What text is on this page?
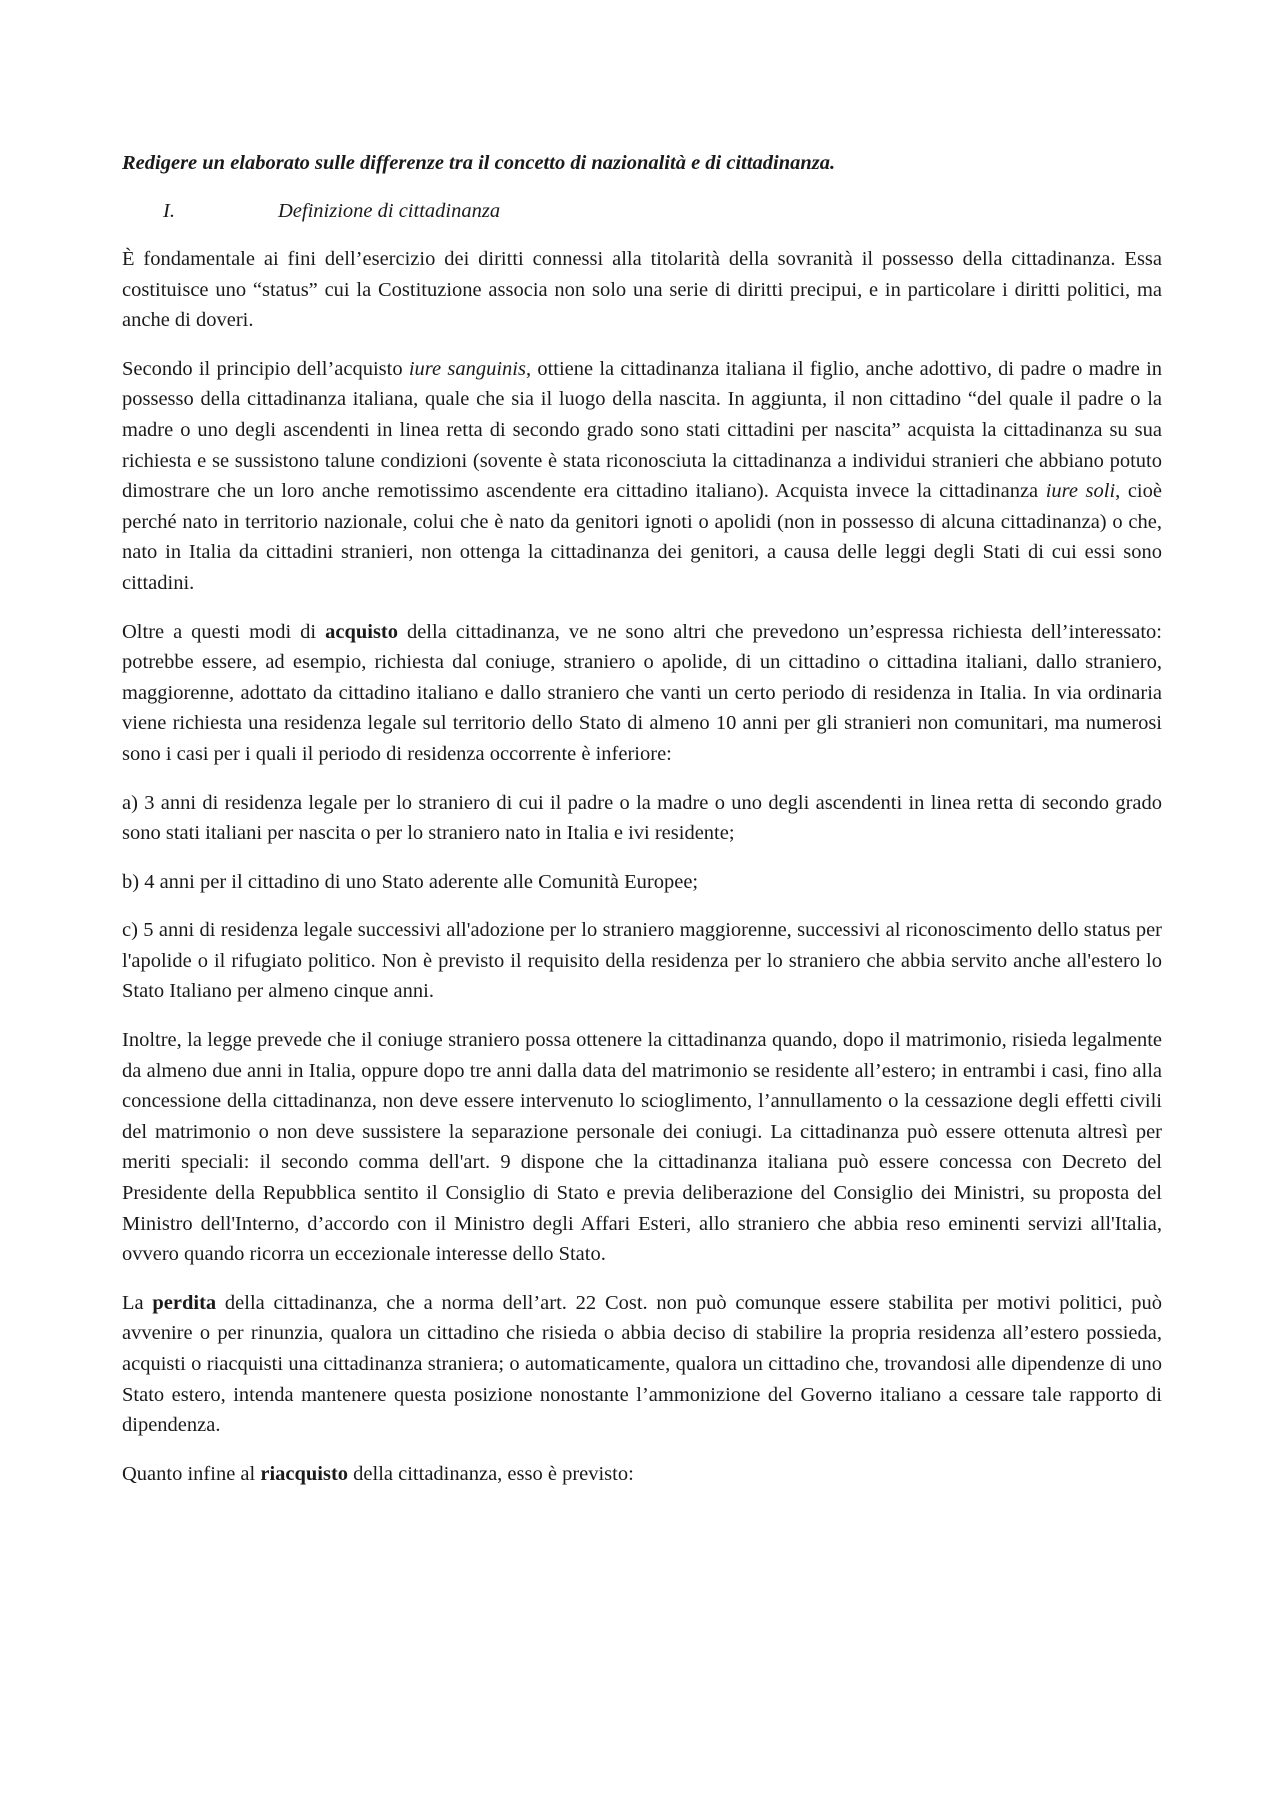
Redigere un elaborato sulle differenze tra il concetto di nazionalità e di cittadinanza.
I.	Definizione di cittadinanza

È fondamentale ai fini dell’esercizio dei diritti connessi alla titolarità della sovranità il possesso della cittadinanza. Essa costituisce uno “status” cui la Costituzione associa non solo una serie di diritti precipui, e in particolare i diritti politici, ma anche di doveri.

Secondo il principio dell’acquisto iure sanguinis, ottiene la cittadinanza italiana il figlio, anche adottivo, di padre o madre in possesso della cittadinanza italiana, quale che sia il luogo della nascita. In aggiunta, il non cittadino “del quale il padre o la madre o uno degli ascendenti in linea retta di secondo grado sono stati cittadini per nascita” acquista la cittadinanza su sua richiesta e se sussistono talune condizioni (sovente è stata riconosciuta la cittadinanza a individui stranieri che abbiano potuto dimostrare che un loro anche remotissimo ascendente era cittadino italiano). Acquista invece la cittadinanza iure soli, cioè perché nato in territorio nazionale, colui che è nato da genitori ignoti o apolidi (non in possesso di alcuna cittadinanza) o che, nato in Italia da cittadini stranieri, non ottenga la cittadinanza dei genitori, a causa delle leggi degli Stati di cui essi sono cittadini.

Oltre a questi modi di acquisto della cittadinanza, ve ne sono altri che prevedono un’espressa richiesta dell’interessato: potrebbe essere, ad esempio, richiesta dal coniuge, straniero o apolide, di un cittadino o cittadina italiani, dallo straniero, maggiorenne, adottato da cittadino italiano e dallo straniero che vanti un certo periodo di residenza in Italia. In via ordinaria viene richiesta una residenza legale sul territorio dello Stato di almeno 10 anni per gli stranieri non comunitari, ma numerosi sono i casi per i quali il periodo di residenza occorrente è inferiore:

a) 3 anni di residenza legale per lo straniero di cui il padre o la madre o uno degli ascendenti in linea retta di secondo grado sono stati italiani per nascita o per lo straniero nato in Italia e ivi residente;

b) 4 anni per il cittadino di uno Stato aderente alle Comunità Europee;

c) 5 anni di residenza legale successivi all'adozione per lo straniero maggiorenne, successivi al riconoscimento dello status per l'apolide o il rifugiato politico. Non è previsto il requisito della residenza per lo straniero che abbia servito anche all'estero lo Stato Italiano per almeno cinque anni.

Inoltre, la legge prevede che il coniuge straniero possa ottenere la cittadinanza quando, dopo il matrimonio, risieda legalmente da almeno due anni in Italia, oppure dopo tre anni dalla data del matrimonio se residente all’estero; in entrambi i casi, fino alla concessione della cittadinanza, non deve essere intervenuto lo scioglimento, l’annullamento o la cessazione degli effetti civili del matrimonio o non deve sussistere la separazione personale dei coniugi. La cittadinanza può essere ottenuta altresì per meriti speciali: il secondo comma dell'art. 9 dispone che la cittadinanza italiana può essere concessa con Decreto del Presidente della Repubblica sentito il Consiglio di Stato e previa deliberazione del Consiglio dei Ministri, su proposta del Ministro dell'Interno, d’accordo con il Ministro degli Affari Esteri, allo straniero che abbia reso eminenti servizi all'Italia, ovvero quando ricorra un eccezionale interesse dello Stato.

La perdita della cittadinanza, che a norma dell’art. 22 Cost. non può comunque essere stabilita per motivi politici, può avvenire o per rinunzia, qualora un cittadino che risieda o abbia deciso di stabilire la propria residenza all’estero possieda, acquisti o riacquisti una cittadinanza straniera; o automaticamente, qualora un cittadino che, trovandosi alle dipendenze di uno Stato estero, intenda mantenere questa posizione nonostante l’ammonizione del Governo italiano a cessare tale rapporto di dipendenza.

Quanto infine al riacquisto della cittadinanza, esso è previsto:
